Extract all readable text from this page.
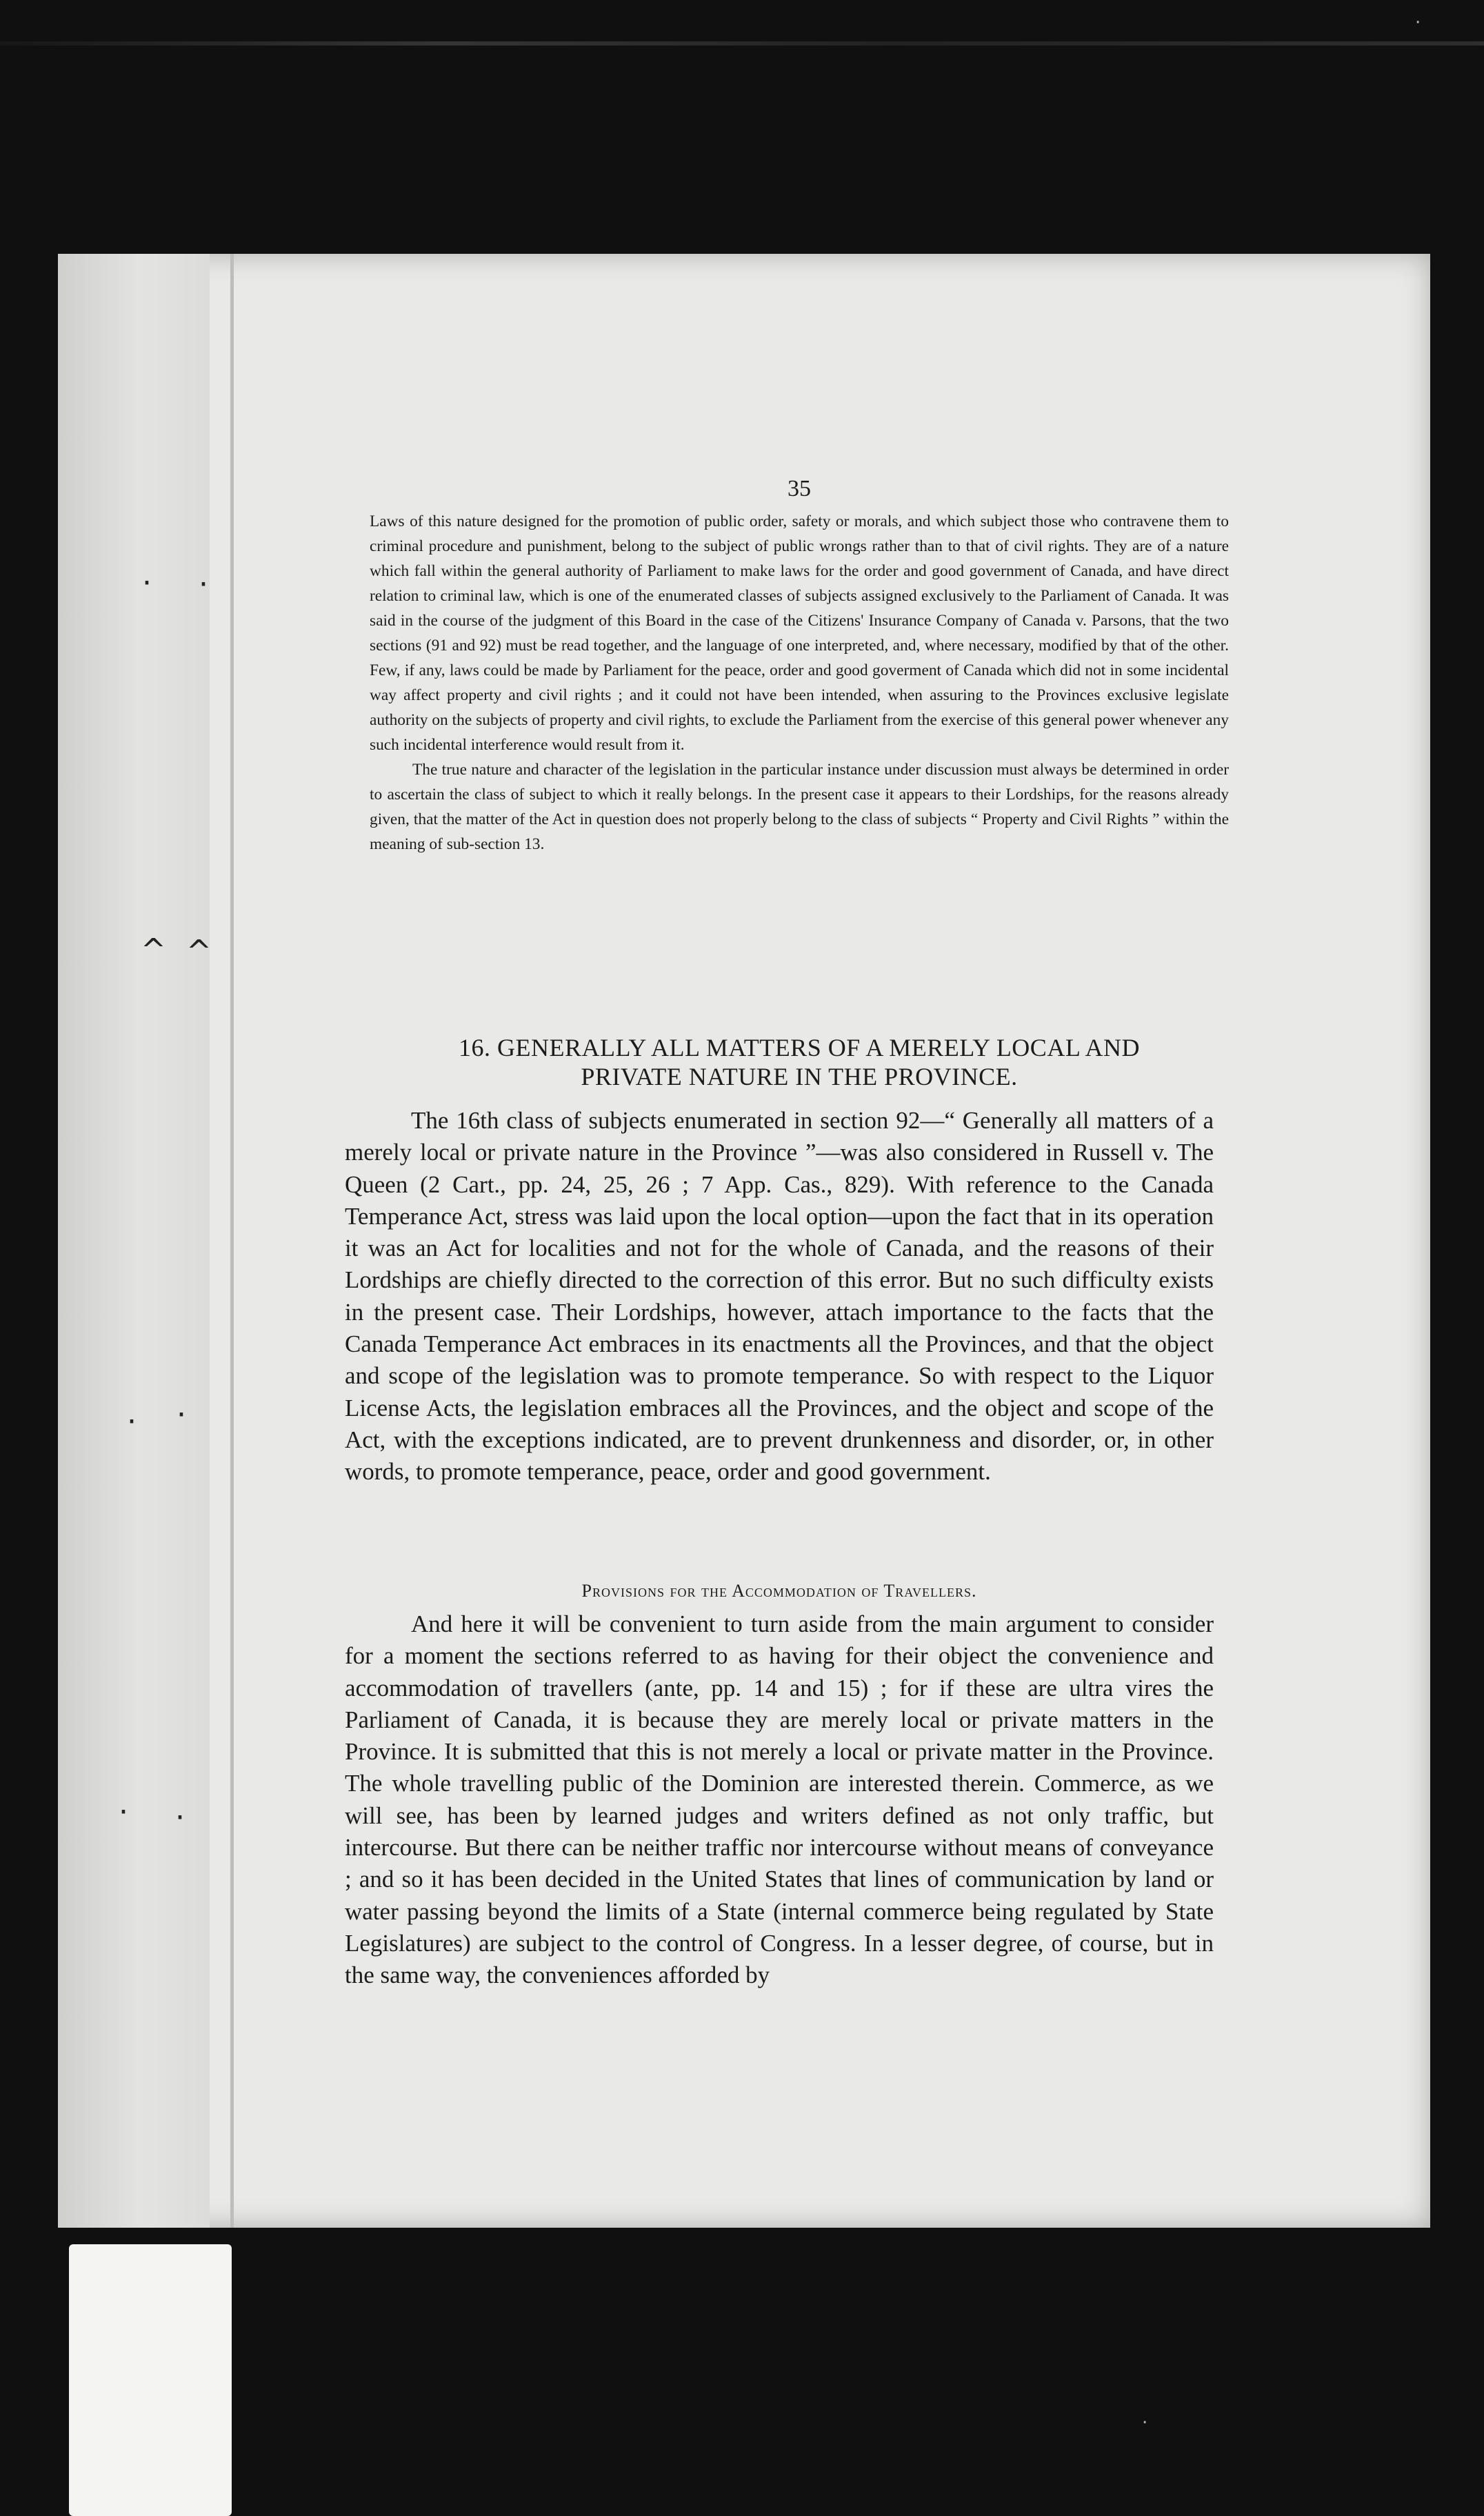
· ·
^ ^
· ·
· ·
35

Laws of this nature designed for the promotion of public order, safety or morals, and which subject those who contravene them to criminal procedure and punishment, belong to the subject of public wrongs rather than to that of civil rights. They are of a nature which fall within the general authority of Parliament to make laws for the order and good government of Canada, and have direct relation to criminal law, which is one of the enumerated classes of subjects assigned exclusively to the Parliament of Canada. It was said in the course of the judgment of this Board in the case of the Citizens' Insurance Company of Canada v. Parsons, that the two sections (91 and 92) must be read together, and the language of one interpreted, and, where necessary, modified by that of the other. Few, if any, laws could be made by Parliament for the peace, order and good goverment of Canada which did not in some incidental way affect property and civil rights ; and it could not have been intended, when assuring to the Provinces exclusive legislate authority on the subjects of property and civil rights, to exclude the Parliament from the exercise of this general power whenever any such incidental interference would result from it.

The true nature and character of the legislation in the particular instance under discussion must always be determined in order to ascertain the class of subject to which it really belongs. In the present case it appears to their Lordships, for the reasons already given, that the matter of the Act in question does not properly belong to the class of subjects “ Property and Civil Rights ” within the meaning of sub-section 13.

16. GENERALLY ALL MATTERS OF A MERELY LOCAL AND
PRIVATE NATURE IN THE PROVINCE.

The 16th class of subjects enumerated in section 92—“ Generally all matters of a merely local or private nature in the Province ”—was also considered in Russell v. The Queen (2 Cart., pp. 24, 25, 26 ; 7 App. Cas., 829). With reference to the Canada Temperance Act, stress was laid upon the local option—upon the fact that in its operation it was an Act for localities and not for the whole of Canada, and the reasons of their Lordships are chiefly directed to the correction of this error. But no such difficulty exists in the present case. Their Lordships, however, attach importance to the facts that the Canada Temperance Act embraces in its enactments all the Provinces, and that the object and scope of the legislation was to promote temperance. So with respect to the Liquor License Acts, the legislation embraces all the Provinces, and the object and scope of the Act, with the exceptions indicated, are to prevent drunkenness and disorder, or, in other words, to promote temperance, peace, order and good government.

Provisions for the Accommodation of Travellers.

And here it will be convenient to turn aside from the main argument to consider for a moment the sections referred to as having for their object the convenience and accommodation of travellers (ante, pp. 14 and 15) ; for if these are ultra vires the Parliament of Canada, it is because they are merely local or private matters in the Province. It is submitted that this is not merely a local or private matter in the Province. The whole travelling public of the Dominion are interested therein. Commerce, as we will see, has been by learned judges and writers defined as not only traffic, but intercourse. But there can be neither traffic nor intercourse without means of conveyance ; and so it has been decided in the United States that lines of communication by land or water passing beyond the limits of a State (internal commerce being regulated by State Legislatures) are subject to the control of Congress. In a lesser degree, of course, but in the same way, the conveniences afforded by

·
·
